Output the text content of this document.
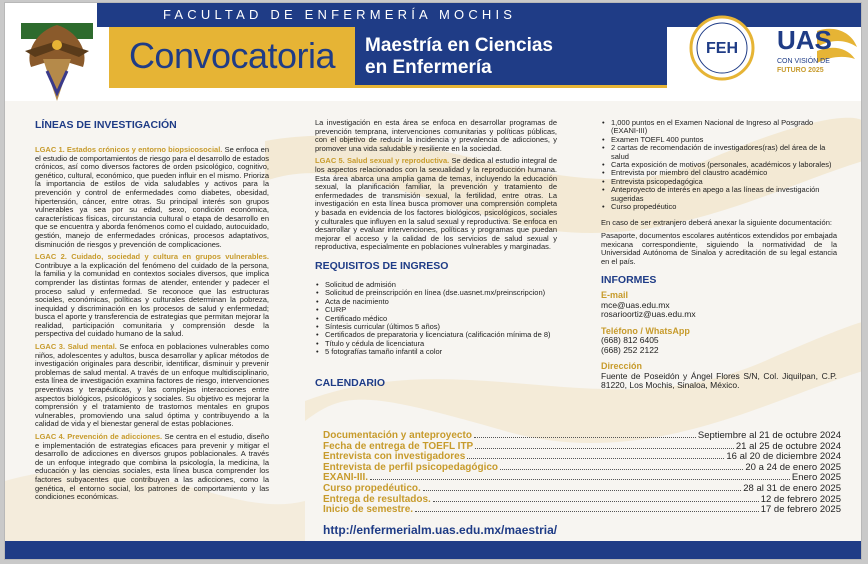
FACULTAD DE ENFERMERÍA MOCHIS
Convocatoria	Maestría en Ciencias
en Enfermería
FEH UAS
CON VISIÓN DE
FUTURO 2025
LÍNEAS DE INVESTIGACIÓN
LGAC 1. Estados crónicos y entorno biopsicosocial. Se enfoca en el estudio de comportamientos de riesgo para el desarrollo de estados crónicos, así como diversos factores de orden psicológico, cognitivo, genético, cultural, económico, que pueden influir en el mismo. Prioriza la importancia de estilos de vida saludables y activos para la prevención y control de enfermedades como diabetes, obesidad, hipertensión, cáncer, entre otras. Su principal interés son grupos vulnerables ya sea por su edad, sexo, condición económica, características físicas, circunstancia cultural o etapa de desarrollo en que se encuentra y aborda fenómenos como el cuidado, autocuidado, gestión, manejo de enfermedades crónicas, procesos adaptativos, disminución de riesgos y prevención de complicaciones.
LGAC 2. Cuidado, sociedad y cultura en grupos vulnerables. Contribuye a la explicación del fenómeno del cuidado de la persona, la familia y la comunidad en contextos sociales diversos, que implica comprender las distintas formas de atender, entender y padecer el proceso salud y enfermedad. Se reconoce que las estructuras sociales, económicas, políticas y culturales determinan la pobreza, inequidad y discriminación en los procesos de salud y enfermedad; busca el aporte y transferencia de estrategias que permitan mejorar la realidad, participación comunitaria y comprensión desde la perspectiva del cuidado humano de la salud.
LGAC 3. Salud mental. Se enfoca en poblaciones vulnerables como niños, adolescentes y adultos, busca desarrollar y aplicar métodos de investigación originales para describir, identificar, disminuir y prevenir problemas de salud mental. A través de un enfoque multidisciplinario, esta línea de investigación examina factores de riesgo, intervenciones preventivas y terapéuticas, y las complejas interacciones entre aspectos biológicos, psicológicos y sociales. Su objetivo es mejorar la comprensión y el tratamiento de trastornos mentales en grupos vulnerables, promoviendo una salud óptima y contribuyendo a la calidad de vida y el bienestar general de estas poblaciones.
LGAC 4. Prevención de adicciones. Se centra en el estudio, diseño e implementación de estrategias eficaces para prevenir y mitigar el desarrollo de adicciones en diversos grupos poblacionales. A través de un enfoque integrado que combina la psicología, la medicina, la educación y las ciencias sociales, esta línea busca comprender los factores subyacentes que contribuyen a las adicciones, como la genética, el entorno social, los patrones de comportamiento y las condiciones económicas.
La investigación en esta área se enfoca en desarrollar programas de prevención temprana, intervenciones comunitarias y políticas públicas, con el objetivo de reducir la incidencia y prevalencia de adicciones, y promover una vida saludable y resiliente en la sociedad.
LGAC 5. Salud sexual y reproductiva. Se dedica al estudio integral de los aspectos relacionados con la sexualidad y la reproducción humana. Esta área abarca una amplia gama de temas, incluyendo la educación sexual, la planificación familiar, la prevención y tratamiento de enfermedades de transmisión sexual, la fertilidad, entre otras. La investigación en esta línea busca promover una comprensión completa y basada en evidencia de los factores biológicos, psicológicos, sociales y culturales que influyen en la salud sexual y reproductiva. Se enfoca en desarrollar y evaluar intervenciones, políticas y programas que puedan mejorar el acceso y la calidad de los servicios de salud sexual y reproductiva, especialmente en poblaciones vulnerables y marginadas.
REQUISITOS DE INGRESO
• Solicitud de admisión
• Solicitud de preinscripción en línea (dse.uasnet.mx/preinscripcion)
• Acta de nacimiento
• CURP
• Certificado médico
• Síntesis curricular (últimos 5 años)
• Certificados de preparatoria y licenciatura (calificación mínima de 8)
• Título y cédula de licenciatura
• 5 fotografías tamaño infantil a color
CALENDARIO
• 1,000 puntos en el Examen Nacional de Ingreso al Posgrado (EXANI-III)
• Examen TOEFL 400 puntos
• 2 cartas de recomendación de investigadores(ras) del área de la salud
• Carta exposición de motivos (personales, académicos y laborales)
• Entrevista por miembro del claustro académico
• Entrevista psicopedagógica
• Anteproyecto de interés en apego a las líneas de investigación sugeridas
• Curso propedéutico
En caso de ser extranjero deberá anexar la siguiente documentación:
Pasaporte, documentos escolares auténticos extendidos por embajada mexicana correspondiente, siguiendo la normatividad de la Universidad Autónoma de Sinaloa y acreditación de su legal estancia en el país.
INFORMES
E-mail
mce@uas.edu.mx
rosarioortiz@uas.edu.mx
Teléfono / WhatsApp
(668) 812 6405
(668) 252 2122
Dirección
Fuente de Poseidón y Ángel Flores S/N, Col. Jiquilpan, C.P. 81220, Los Mochis, Sinaloa, México.
Documentación y anteproyecto	Septiembre al 21 de octubre 2024
Fecha de entrega de TOEFL ITP	21 al 25 de octubre 2024
Entrevista con investigadores	16 al 20 de diciembre 2024
Entrevista de perfil psicopedagógico	20 a 24 de enero 2025
EXANI-III.	Enero 2025
Curso propedéutico.	28 al 31 de enero 2025
Entrega de resultados.	12 de febrero 2025
Inicio de semestre.	17 de febrero 2025
http://enfermerialm.uas.edu.mx/maestria/
